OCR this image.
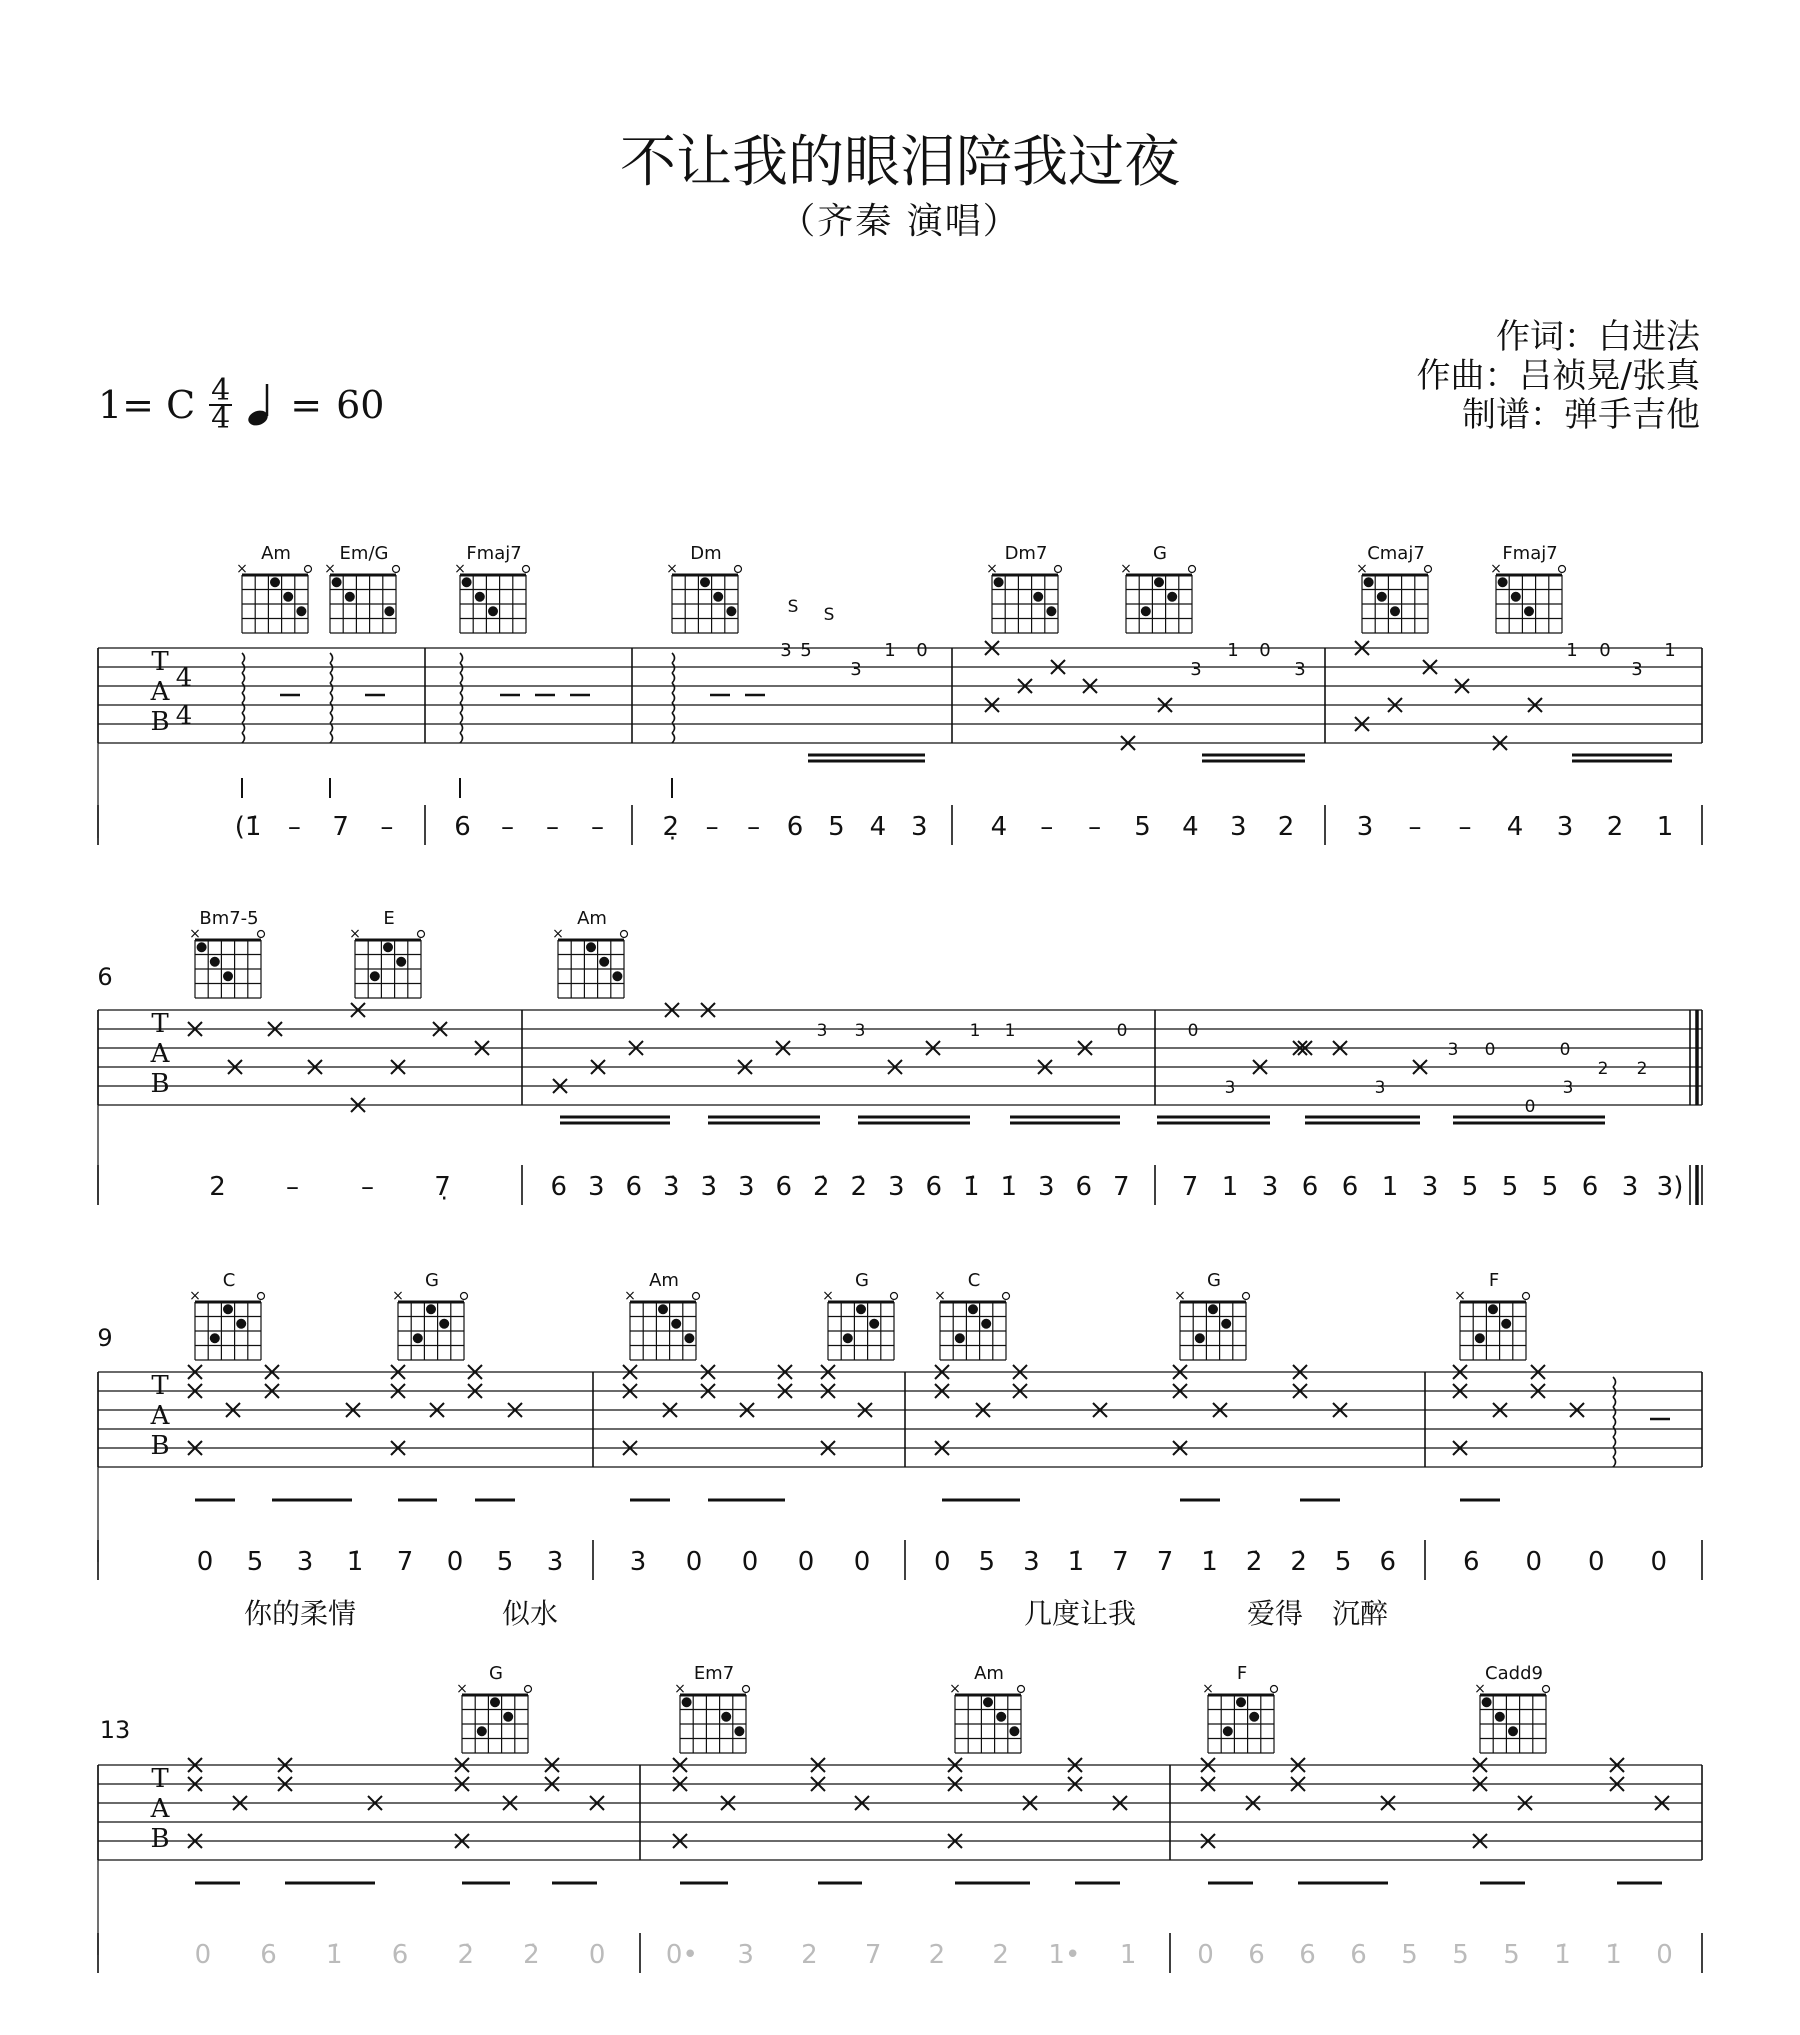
不让我的眼泪陪我过夜
（齐秦 演唱）
作词：白进法
作曲：吕祯晃/张真
制谱：弹手吉他
1= C $\frac{4}{4} = 60$
T
A
B
4
4
Am
×
Em/G
×
Fmaj7
×
Dm
×
Dm7
×
G
×
Cmaj7
×
Fmaj7
×
S S
3 5
3
1 0
3
1 0
3
1 0
3
1
(1̇ – 7 – 6 – – – 2̣ – – 6 5 4 3 4 – – 5 4 3 2 3 – – 4 3 2 1
6
T
A
B
Bm7-5
×
E
×
Am
×
3 3	1 1	0	0
3	3
3 0
0
3
0
2 2
2 – – 7̣	6 3 6 3̇ 3̇ 3 6 2̇ 2̇ 3 6 1̇ 1̇ 3 6 7 7 1 3 6 6 1 3 5 5 5 6 3 3)
9
T
A
B
C
×
G
×
Am
×
G
×
C
×
G
×
F
×
0 5 3 1̇ 7 0 5 3	3 0 0 0 0 0 5 3 1̇ 7 7 1̇ 2̇ 2̇ 5 6	6 0 0 0
你的柔情	似水	几度让我	爱得 沉醉
13
T
A
B
G
×
Em7
×
Am
×
F
×
Cadd9
×
0 6 1̇ 6 2̇ 2̇ 0 0• 3 2 7 2 2 1• 1 0 6 6 6 5 5 5 1̇ 1̇ 0
